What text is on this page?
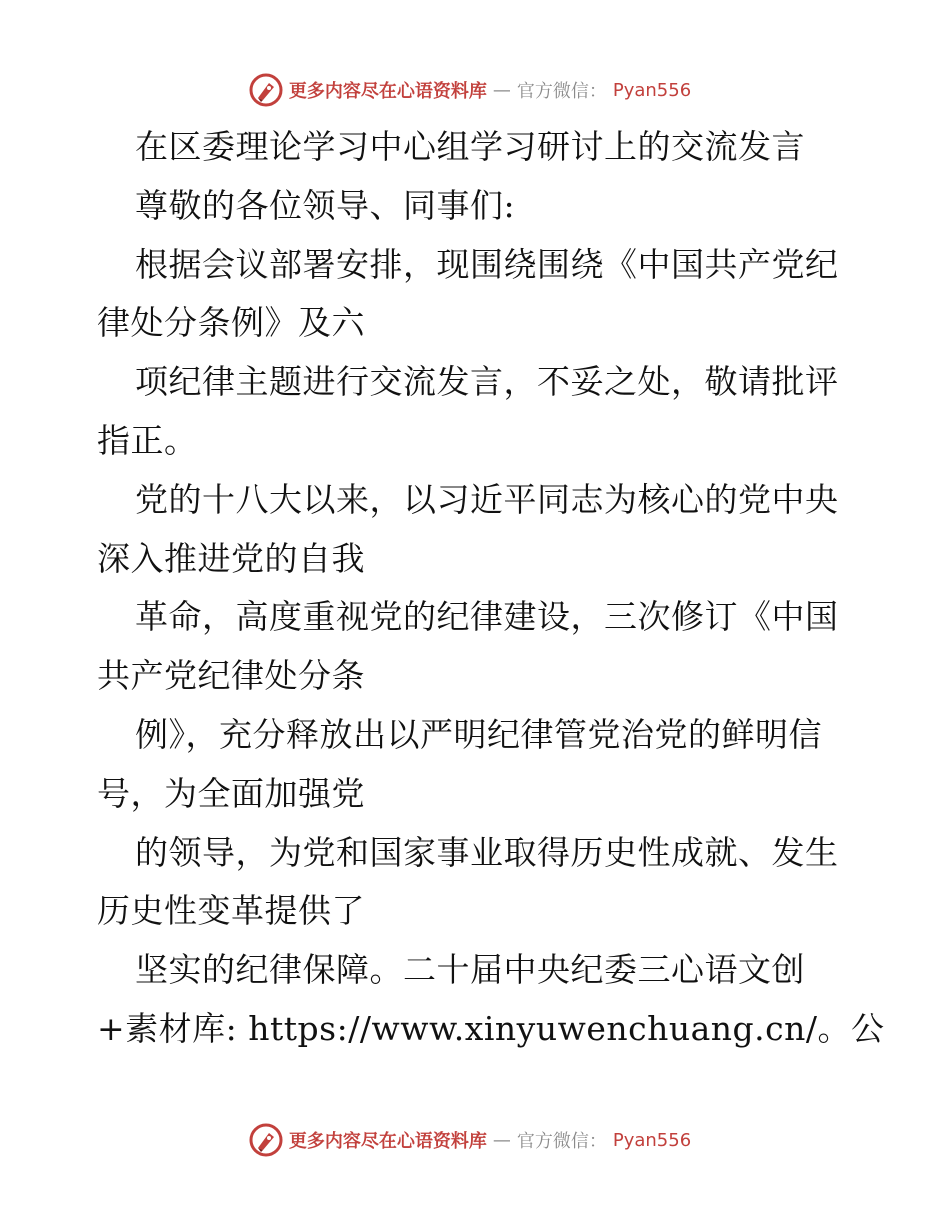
更多内容尽在心语资料库 — 官方微信： Pyan556
在区委理论学习中心组学习研讨上的交流发言
尊敬的各位领导、同事们:
根据会议部署安排，现围绕围绕《中国共产党纪
律处分条例》及六
项纪律主题进行交流发言，不妥之处，敬请批评
指正。
党的十八大以来，以习近平同志为核心的党中央
深入推进党的自我
革命，高度重视党的纪律建设，三次修订《中国
共产党纪律处分条
例》，充分释放出以严明纪律管党治党的鲜明信
号，为全面加强党
的领导，为党和国家事业取得历史性成就、发生
历史性变革提供了
坚实的纪律保障。二十届中央纪委三心语文创
+素材库: https://www.xinyuwenchuang.cn/。公
更多内容尽在心语资料库 — 官方微信： Pyan556
